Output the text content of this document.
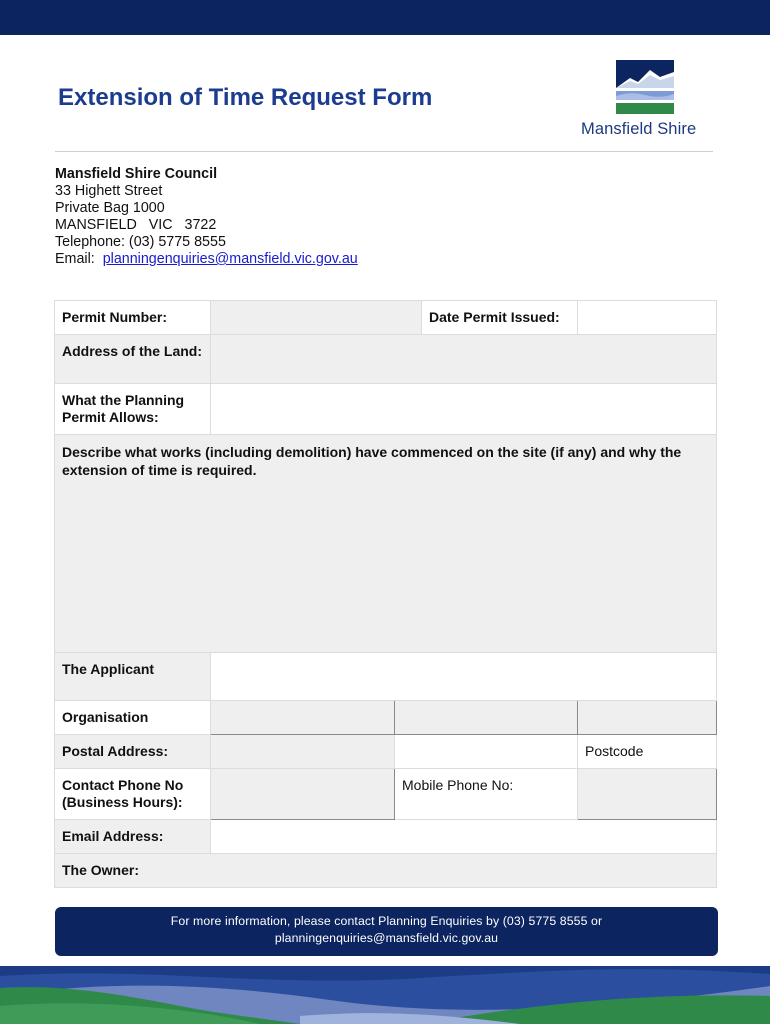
Extension of Time Request Form
Mansfield Shire
Mansfield Shire Council
33 Highett Street
Private Bag 1000
MANSFIELD   VIC   3722
Telephone: (03) 5775 8555
Email: planningenquiries@mansfield.vic.gov.au
Permit Number:			Date Permit Issued:	
Address of the Land:				
What the Planning Permit Allows:				
Describe what works (including demolition) have commenced on the site (if any) and why the extension of time is required.				
The Applicant				
Organisation				
Postal Address:				Postcode
Contact Phone No (Business Hours):		Mobile Phone No:		
Email Address:				
The Owner:				
For more information, please contact Planning Enquiries by (03) 5775 8555 or
planningenquiries@mansfield.vic.gov.au
